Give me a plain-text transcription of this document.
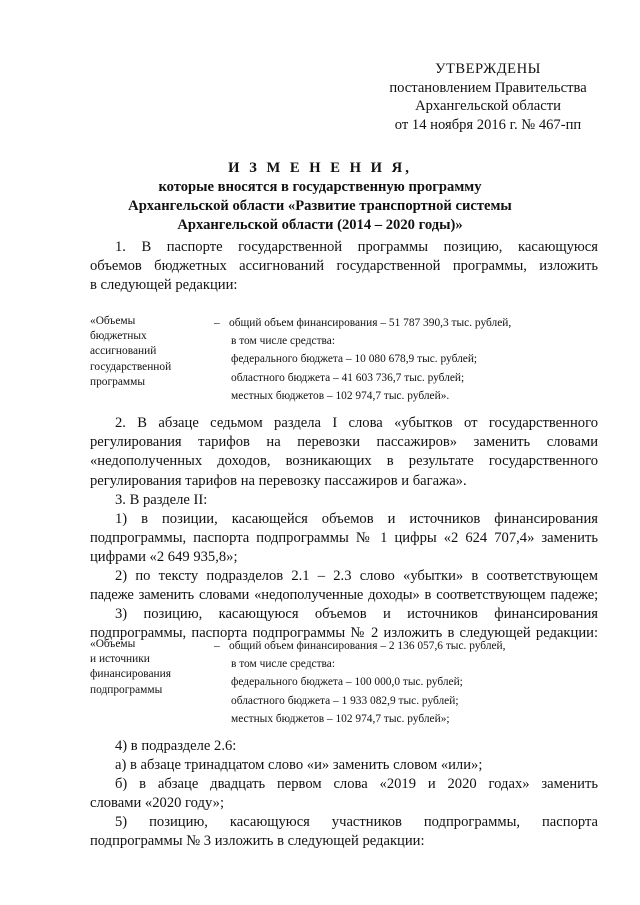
УТВЕРЖДЕНЫ
постановлением Правительства
Архангельской области
от 14 ноября 2016 г. № 467-пп
И З М Е Н Е Н И Я,
которые вносятся в государственную программу
Архангельской области «Развитие транспортной системы
Архангельской области (2014 – 2020 годы)»
1. В паспорте государственной программы позицию, касающуюся
объемов бюджетных ассигнований государственной программы, изложить
в следующей редакции:
«Объемы
бюджетных
ассигнований
государственной
программы
– общий объем финансирования – 51 787 390,3 тыс. рублей,
в том числе средства:
федерального бюджета – 10 080 678,9 тыс. рублей;
областного бюджета – 41 603 736,7 тыс. рублей;
местных бюджетов – 102 974,7 тыс. рублей».
2. В абзаце седьмом раздела I слова «убытков от государственного
регулирования тарифов на перевозки пассажиров» заменить словами
«недополученных доходов, возникающих в результате государственного
регулирования тарифов на перевозку пассажиров и багажа».
3. В разделе II:
1) в позиции, касающейся объемов и источников финансирования
подпрограммы, паспорта подпрограммы № 1 цифры «2 624 707,4» заменить
цифрами «2 649 935,8»;
2) по тексту подразделов 2.1 – 2.3 слово «убытки» в соответствующем
падеже заменить словами «недополученные доходы» в соответствующем падеже;
3) позицию, касающуюся объемов и источников финансирования
подпрограммы, паспорта подпрограммы № 2 изложить в следующей редакции:
«Объемы
и источники
финансирования
подпрограммы
– общий объем финансирования – 2 136 057,6 тыс. рублей,
в том числе средства:
федерального бюджета – 100 000,0 тыс. рублей;
областного бюджета – 1 933 082,9 тыс. рублей;
местных бюджетов – 102 974,7 тыс. рублей»;
4) в подразделе 2.6:
а) в абзаце тринадцатом слово «и» заменить словом «или»;
б) в абзаце двадцать первом слова «2019 и 2020 годах» заменить
словами «2020 году»;
5) позицию, касающуюся участников подпрограммы, паспорта
подпрограммы № 3 изложить в следующей редакции:
